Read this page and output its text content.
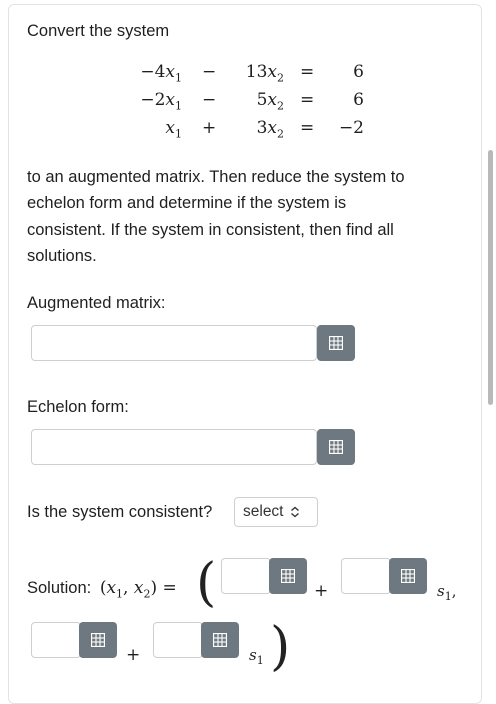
Convert the system
$-4x_1$ −	$13x_2$ =	6
$-2x_1$ −	$5x_2$ =	6
$x_1$ +	$3x_2$ =	−2
to an augmented matrix. Then reduce the system to
echelon form and determine if the system is
consistent. If the system in consistent, then find all
solutions.
Augmented matrix:
Echelon form:
Is the system consistent? select
Solution: ($x_1$, $x_2$) = (	+	$s_1$,
+	$s_1$ )
